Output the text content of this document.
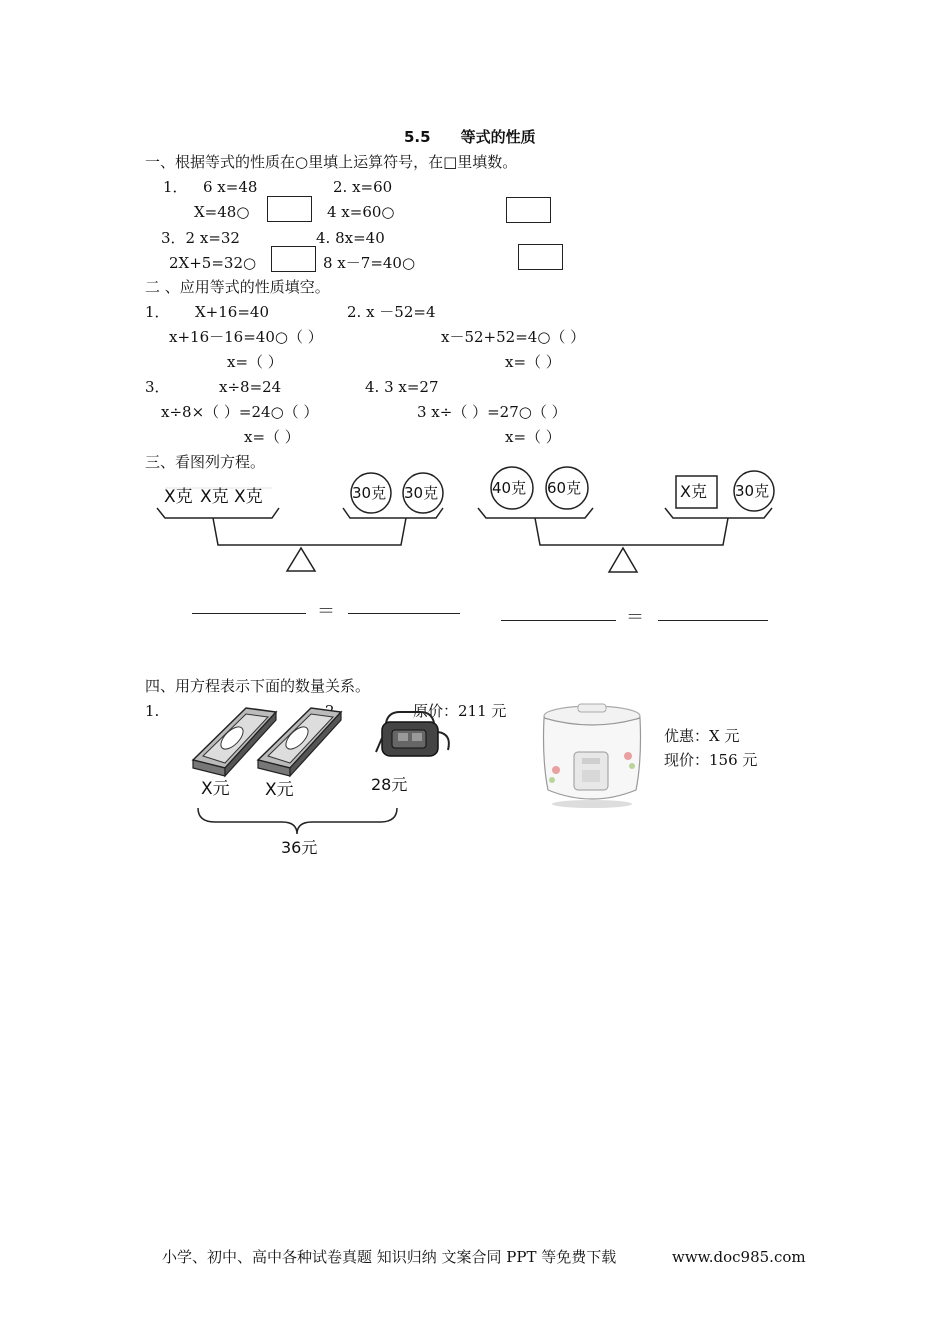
5.5　　等式的性质
一、根据等式的性质在○里填上运算符号，在□里填数。
1． 6 x=48	2. x=60
X=48○	4 x=60○
3．2 x=32	4. 8x=40
2X+5=32○	8 x－7=40○
二 、应用等式的性质填空。
1． X+16=40	2. x －52=4
x+16－16=40○（ ）	x－52+52=4○（ ）
x=（ ）	x=（ ）
3．	x÷8=24	4. 3 x=27
x÷8×（ ）=24○（ ）	3 x÷（ ）=27○（ ）
x=（ ）	x=（ ）
三、看图列方程。
X克 X克 X克	30克 30克	40克 60克	X克 30克
＝	＝
四、用方程表示下面的数量关系。
1.	原价：211 元
X元 X元	28元
36元
优惠：X 元
现价：156 元
小学、初中、高中各种试卷真题 知识归纳 文案合同 PPT 等免费下载	www.doc985.com
